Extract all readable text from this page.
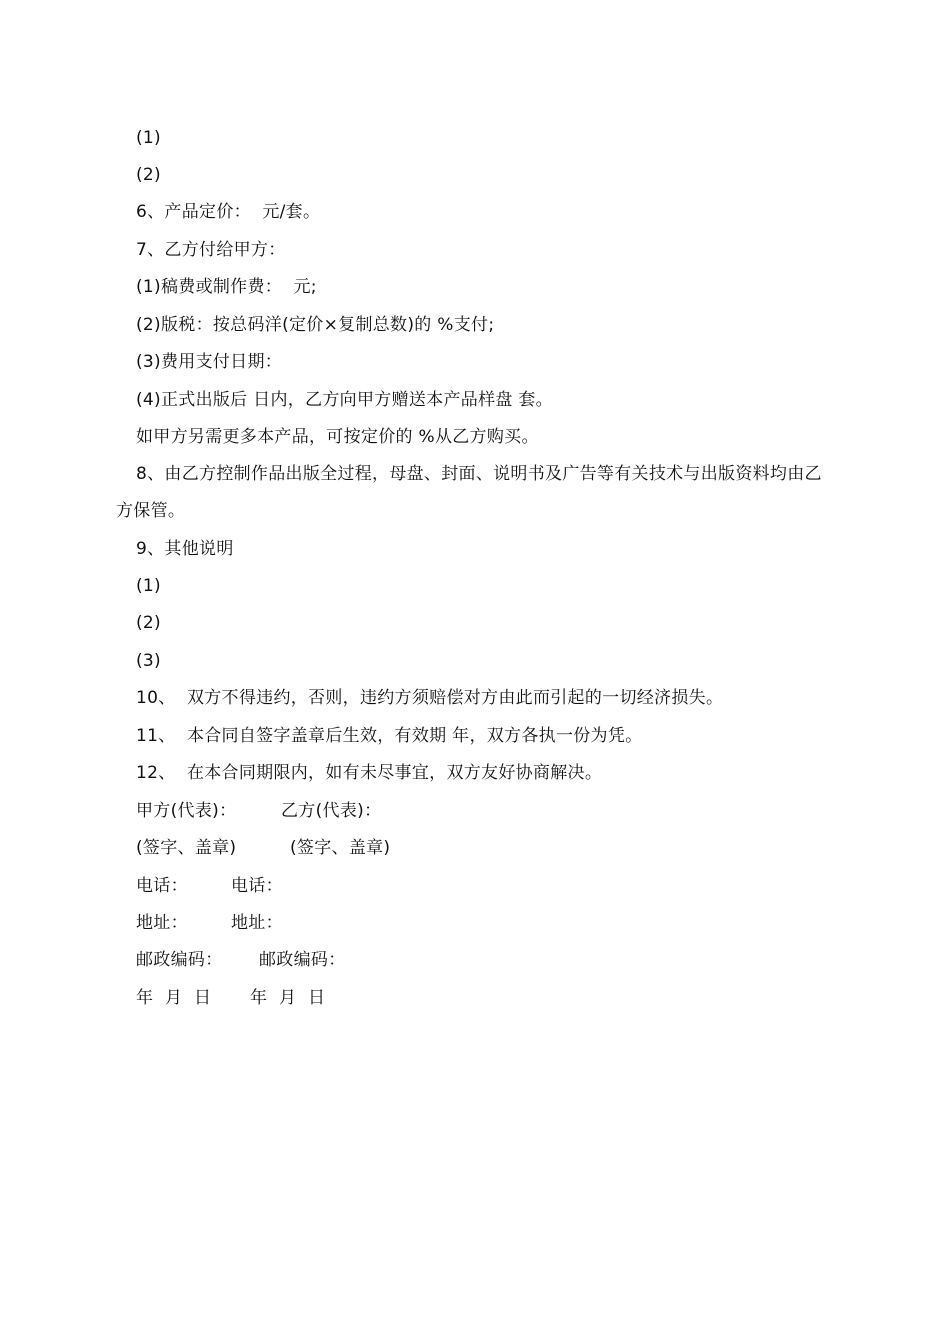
(1)
(2)
6、产品定价：  元/套。
7、乙方付给甲方：
(1)稿费或制作费：  元;
(2)版税：按总码洋(定价×复制总数)的 %支付;
(3)费用支付日期：
(4)正式出版后 日内，乙方向甲方赠送本产品样盘 套。
如甲方另需更多本产品，可按定价的 %从乙方购买。
8、由乙方控制作品出版全过程，母盘、封面、说明书及广告等有关技术与出版资料均由乙方保管。
9、其他说明
(1)
(2)
(3)
10、  双方不得违约，否则，违约方须赔偿对方由此而引起的一切经济损失。
11、  本合同自签字盖章后生效，有效期 年，双方各执一份为凭。
12、  在本合同期限内，如有未尽事宜，双方友好协商解决。
甲方(代表)：	乙方(代表)：
(签字、盖章)	(签字、盖章)
电话：	电话：
地址：	地址：
邮政编码： 邮政编码：
年 月 日 年 月 日
